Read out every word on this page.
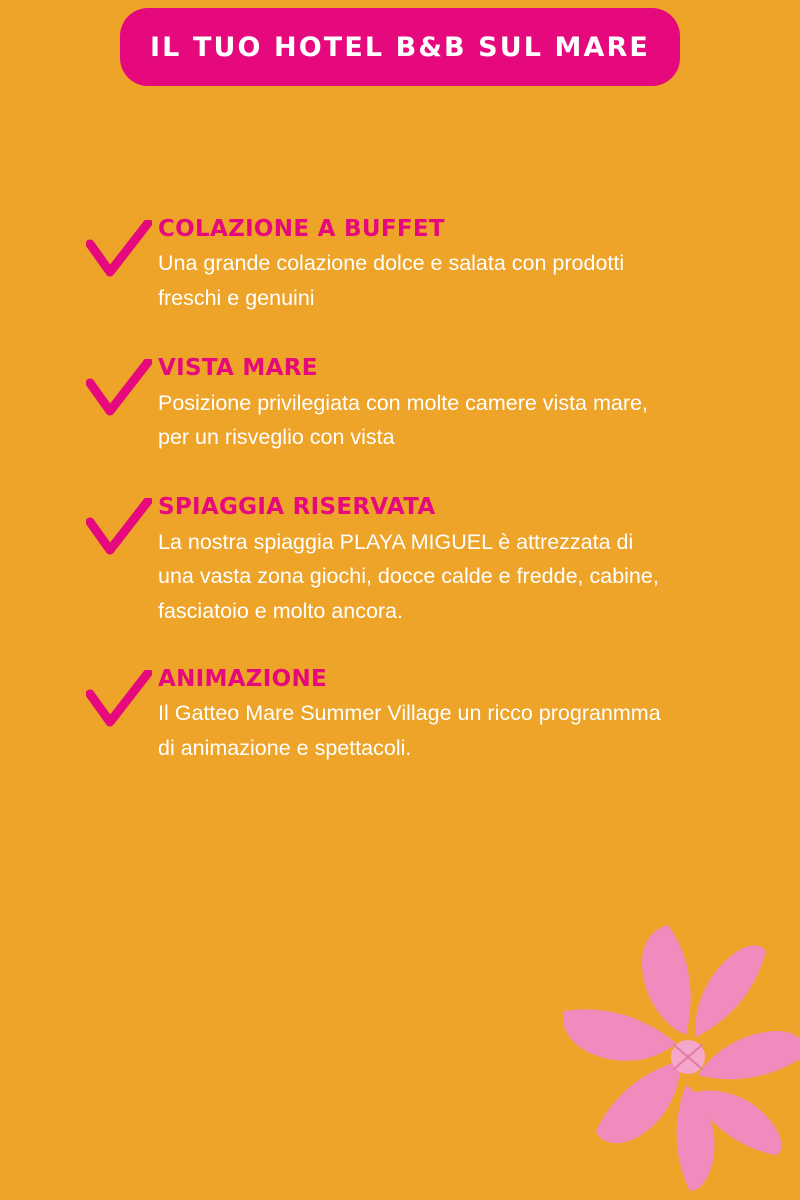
IL TUO HOTEL B&B SUL MARE

COLAZIONE A BUFFET

Una grande colazione dolce e salata con prodotti freschi e genuini

VISTA MARE

Posizione privilegiata con molte camere vista mare, per un risveglio con vista

SPIAGGIA RISERVATA

La nostra spiaggia PLAYA MIGUEL è attrezzata di una vasta zona giochi, docce calde e fredde, cabine, fasciatoio e molto ancora.

ANIMAZIONE

Il Gatteo Mare Summer Village un ricco progranmma di animazione e spettacoli.
